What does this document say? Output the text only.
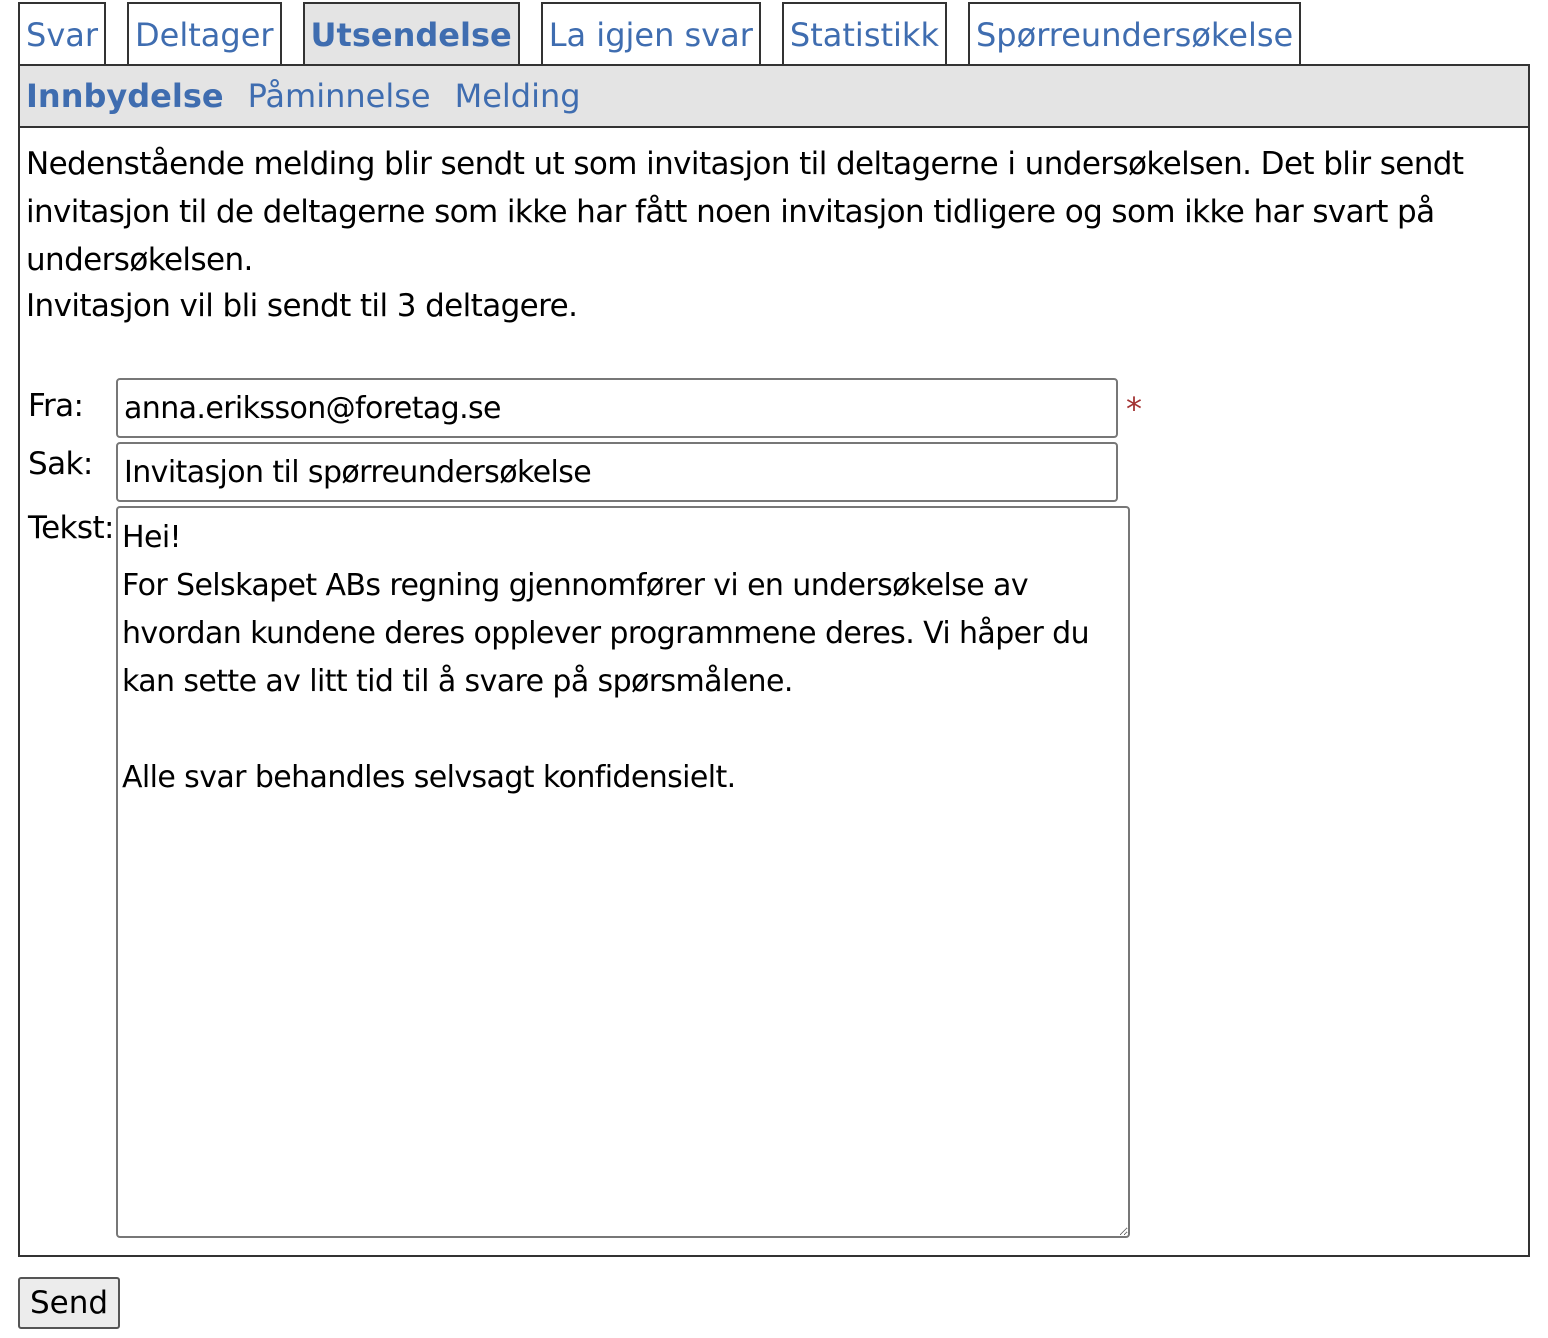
Svar Deltager Utsendelse La igjen svar Statistikk Spørreundersøkelse
Innbydelse Påminnelse Melding

Nedenstående melding blir sendt ut som invitasjon til deltagerne i undersøkelsen. Det blir sendt invitasjon til de deltagerne som ikke har fått noen invitasjon tidligere og som ikke har svart på undersøkelsen.

Invitasjon vil bli sendt til 3 deltagere.

Fra:
anna.eriksson@foretag.se	*
Sak:
Invitasjon til spørreundersøkelse
Tekst:
Hei! For Selskapet ABs regning gjennomfører vi en undersøkelse av hvordan kundene deres opplever programmene deres. Vi håper du kan sette av litt tid til å svare på spørsmålene. Alle svar behandles selvsagt konfidensielt.
Send
